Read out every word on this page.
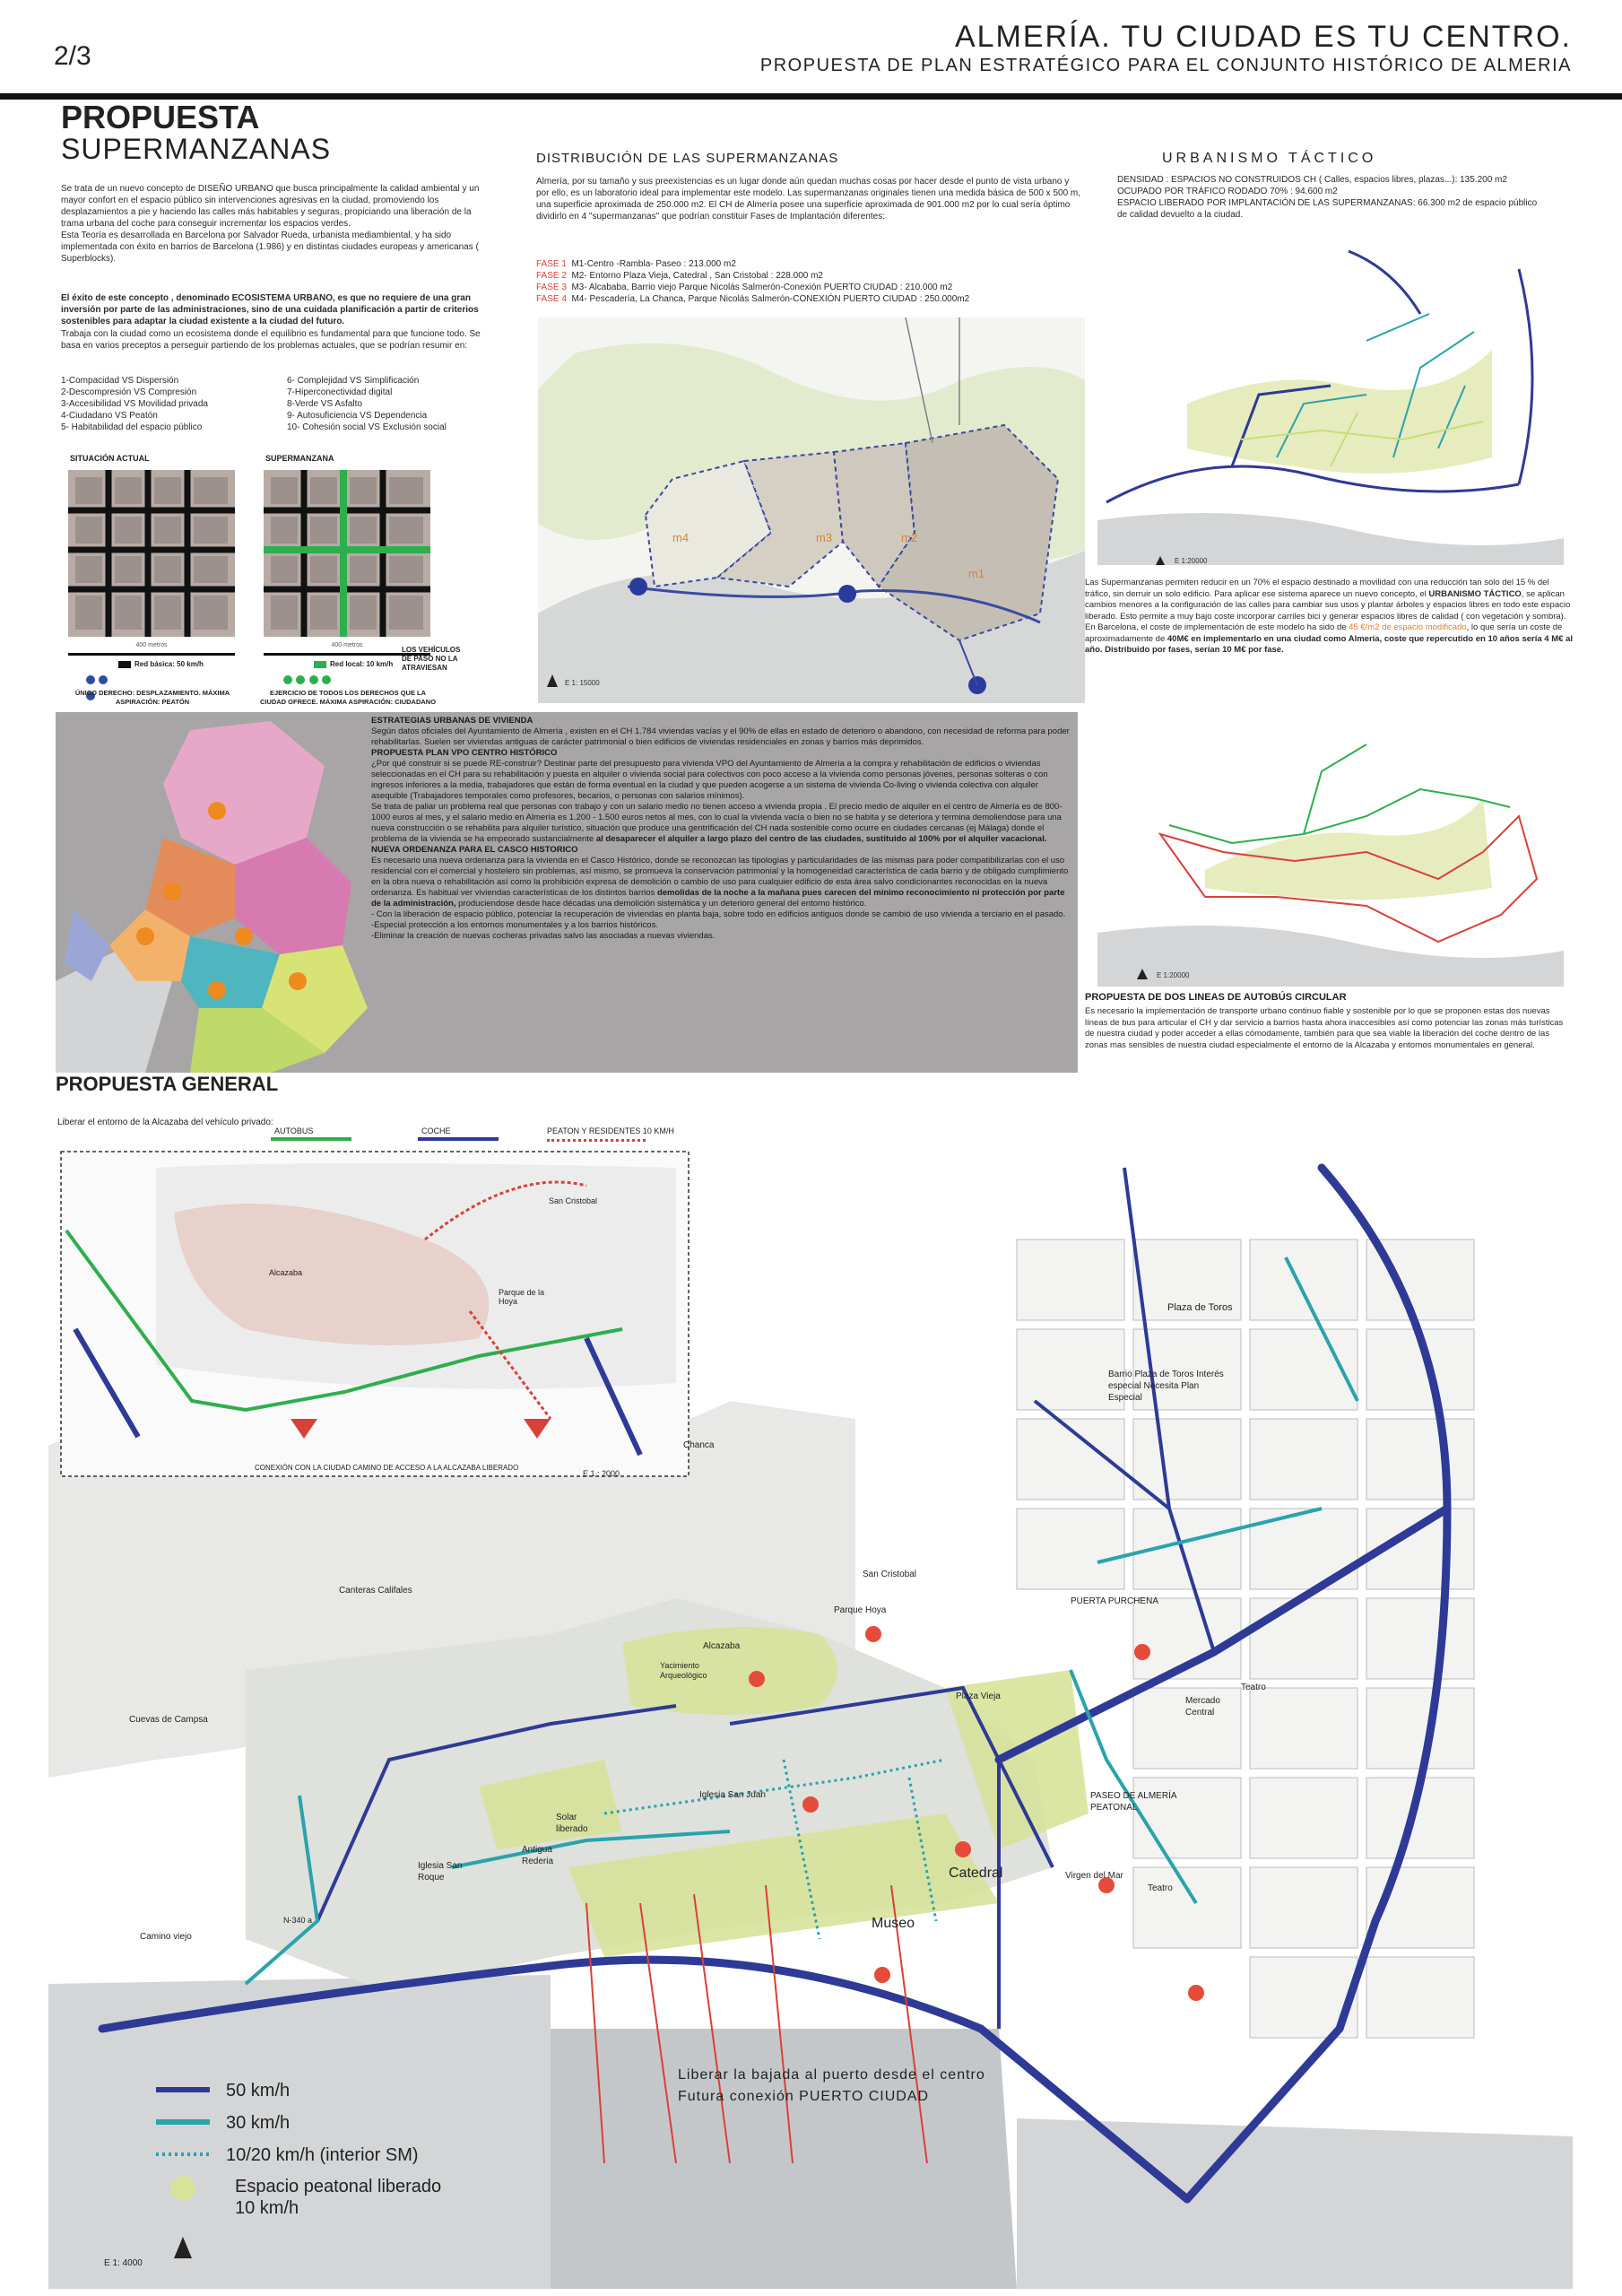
2/3
ALMERÍA. TU CIUDAD ES TU CENTRO.
PROPUESTA DE PLAN ESTRATÉGICO PARA EL CONJUNTO HISTÓRICO DE ALMERIA
PROPUESTA
SUPERMANZANAS
Se trata de un nuevo concepto de DISEÑO URBANO que busca principalmente la calidad ambiental y un mayor confort en el espacio público sin intervenciones agresivas en la ciudad, promoviendo los desplazamientos a pie y haciendo las calles más habitables y seguras, propiciando una liberación de la trama urbana del coche para conseguir incrementar los espacios verdes.
Esta Teoría es desarrollada en Barcelona por Salvador Rueda, urbanista mediambiental, y ha sido implementada con éxito en barrios de Barcelona (1.986) y en distintas ciudades europeas y americanas ( Superblocks).
El éxito de este concepto , denominado ECOSISTEMA URBANO, es que no requiere de una gran inversión por parte de las administraciones, sino de una cuidada planificación a partir de criterios sostenibles para adaptar la ciudad existente a la ciudad del futuro.
Trabaja con la ciudad como un ecosistema donde el equilibrio es fundamental para que funcione todo. Se basa en varios preceptos a perseguir partiendo de los problemas actuales, que se podrían resumir en:
1-Compacidad VS Dispersión
2-Descompresión VS Compresión
3-Accesibilidad VS Movilidad privada
4-Ciudadano VS Peatón
5- Habitabilidad del espacio público
6- Complejidad VS Simplificación
7-Hiperconectividad digital
8-Verde VS Asfalto
9- Autosuficiencia VS Dependencia
10- Cohesión social VS Exclusión social
SITUACIÓN ACTUAL	SUPERMANZANA
400 metros	400 metros
Red básica: 50 km/h	Red local: 10 km/h

LOS VEHÍCULOS DE PASO NO LA ATRAVIESAN
ÚNICO DERECHO: DESPLAZAMIENTO. MÁXIMA ASPIRACIÓN: PEATÓN
EJERCICIO DE TODOS LOS DERECHOS QUE LA CIUDAD OFRECE. MÁXIMA ASPIRACIÓN: CIUDADANO
DISTRIBUCIÓN DE LAS SUPERMANZANAS
Almería, por su tamaño y sus preexistencias es un lugar donde aún quedan muchas cosas por hacer desde el punto de vista urbano y por ello, es un laboratorio ideal para implementar este modelo. Las supermanzanas originales tienen una medida básica de 500 x 500 m, una superficie aproximada de 250.000 m2. El CH de Almería posee una superficie aproximada de 901.000 m2 por lo cual sería óptimo dividirlo en 4 "supermanzanas" que podrían constituir Fases de Implantación diferentes:
FASE 1 M1-Centro -Rambla- Paseo : 213.000 m2
FASE 2 M2- Entorno Plaza Vieja, Catedral , San Cristobal : 228.000 m2
FASE 3 M3- Alcababa, Barrio viejo Parque Nicolás Salmerón-Conexión PUERTO CIUDAD : 210.000 m2
FASE 4 M4- Pescadería, La Chanca, Parque Nicolás Salmerón-CONEXIÓN PUERTO CIUDAD : 250.000m2
m4	m3	m2
m1
E 1: 15000
URBANISMO TÁCTICO
DENSIDAD : ESPACIOS NO CONSTRUIDOS CH ( Calles, espacios libres, plazas...): 135.200 m2
OCUPADO POR TRÁFICO RODADO 70% : 94.600 m2
ESPACIO LIBERADO POR IMPLANTACIÓN DE LAS SUPERMANZANAS: 66.300 m2 de espacio público de calidad devuelto a la ciudad.
E 1:20000
Las Supermanzanas permiten reducir en un 70% el espacio destinado a movilidad con una reducción tan solo del 15 % del tráfico, sin derruir un solo edificio. Para aplicar ese sistema aparece un nuevo concepto, el URBANISMO TÁCTICO, se aplican cambios menores a la configuración de las calles para cambiar sus usos y plantar árboles y espacios libres en todo este espacio liberado. Esto permite a muy bajo coste incorporar carriles bici y generar espacios libres de calidad ( con vegetación y sombra). En Barcelona, el coste de implementación de este modelo ha sido de 45 €/m2 de espacio modificado, lo que sería un coste de aproximadamente de 40M€ en implementarlo en una ciudad como Almería, coste que repercutido en 10 años sería 4 M€ al año. Distribuido por fases, serían 10 M€ por fase.
E 1:20000
PROPUESTA DE DOS LINEAS DE AUTOBÚS CIRCULAR
Es necesario la implementación de transporte urbano continuo fiable y sostenible por lo que se proponen estas dos nuevas líneas de bus para articular el CH y dar servicio a barrios hasta ahora inaccesibles así como potenciar las zonas más turísticas de nuestra ciudad y poder acceder a ellas cómodamente, también para que sea viable la liberación del coche dentro de las zonas mas sensibles de nuestra ciudad especialmente el entorno de la Alcazaba y entornos monumentales en general.
ESTRATEGIAS URBANAS DE VIVIENDA
Según datos oficiales del Ayuntamiento de Almería , existen en el CH 1.784 viviendas vacías y el 90% de ellas en estado de deterioro o abandono, con necesidad de reforma para poder rehabilitarlas. Suelen ser viviendas antiguas de carácter patrimonial o bien edificios de viviendas residenciales en zonas y barrios más deprimidos.
PROPUESTA PLAN VPO CENTRO HISTÓRICO
¿Por qué construir si se puede RE-construir? Destinar parte del presupuesto para vivienda VPO del Ayuntamiento de Almería a la compra y rehabilitación de edificios o viviendas seleccionadas en el CH para su rehabilitación y puesta en alquiler o vivienda social para colectivos con poco acceso a la vivienda como personas jóvenes, personas solteras o con ingresos inferiores a la media, trabajadores que están de forma eventual en la ciudad y que pueden acogerse a un sistema de vivienda Co-living o vivienda colectiva con alquiler asequible (Trabajadores temporales como profesores, becarios, o personas con salarios mínimos).
Se trata de paliar un problema real que personas con trabajo y con un salario medio no tienen acceso a vivienda propia . El precio medio de alquiler en el centro de Almería es de 800-1000 euros al mes, y el salario medio en Almería es 1.200 - 1.500 euros netos al mes, con lo cual la vivienda vacía o bien no se habita y se deteriora y termina demoliendose para una nueva construcción o se rehabilita para alquiler turístico, situación que produce una gentrificación del CH nada sostenible como ocurre en ciudades cercanas (ej Málaga) donde el problema de la vivienda se ha empeorado sustancialmente al desaparecer el alquiler a largo plazo del centro de las ciudades, sustituido al 100% por el alquiler vacacional.
NUEVA ORDENANZA PARA EL CASCO HISTORICO
Es necesario una nueva ordenanza para la vivienda en el Casco Histórico, donde se reconozcan las tipologías y particularidades de las mismas para poder compatibilizarlas con el uso residencial con el comercial y hostelero sin problemas, así mismo, se promueva la conservación patrimonial y la homogeneidad característica de cada barrio y de obligado cumplimiento en la obra nueva o rehabilitación así como la prohibición expresa de demolición o cambio de uso para cualquier edificio de esta área salvo condicionantes reconocidas en la nueva ordenanza. Es habitual ver viviendas características de los distintos barrios demolidas de la noche a la mañana pues carecen del mínimo reconocimiento ni protección por parte de la administración, produciendose desde hace décadas una demolición sistemática y un deterioro general del entorno histórico.
- Con la liberación de espacio público, potenciar la recuperación de viviendas en planta baja, sobre todo en edificios antiguos donde se cambió de uso vivienda a terciario en el pasado.
-Especial protección a los entornos monumentales y a los barrios históricos.
-Eliminar la creación de nuevas cocheras privadas salvo las asociadas a nuevas viviendas.
PROPUESTA GENERAL
Liberar el entorno de la Alcazaba del vehículo privado:
AUTOBUS	COCHE	PEATON Y RESIDENTES 10 KM/H
San Cristobal
Alcazaba
Parque de la Hoya
CONEXIÓN CON LA CIUDAD CAMINO DE ACCESO A LA ALCAZABA LIBERADO
E 1 : 2000
Chanca
Plaza de Toros
Barrio Plaza de Toros Interés especial Necesita Plan Especial
San Cristobal
Parque Hoya
PUERTA PURCHENA
Canteras Califales
Alcazaba
Yacimiento Arqueológico
Plaza Vieja	Mercado Central
Teatro
Cuevas de Campsa
Iglesia San Juan	PASEO DE ALMERÍA PEATONAL
Solar liberado
Antigua Rederia
Iglesia San Roque	Catedral	Virgen del Mar
Teatro
Museo
Camino viejo
N-340 a
Liberar la bajada al puerto desde el centro
Futura conexión PUERTO CIUDAD
50 km/h
30 km/h
10/20 km/h (interior SM)
Espacio peatonal liberado 10 km/h
E 1: 4000
